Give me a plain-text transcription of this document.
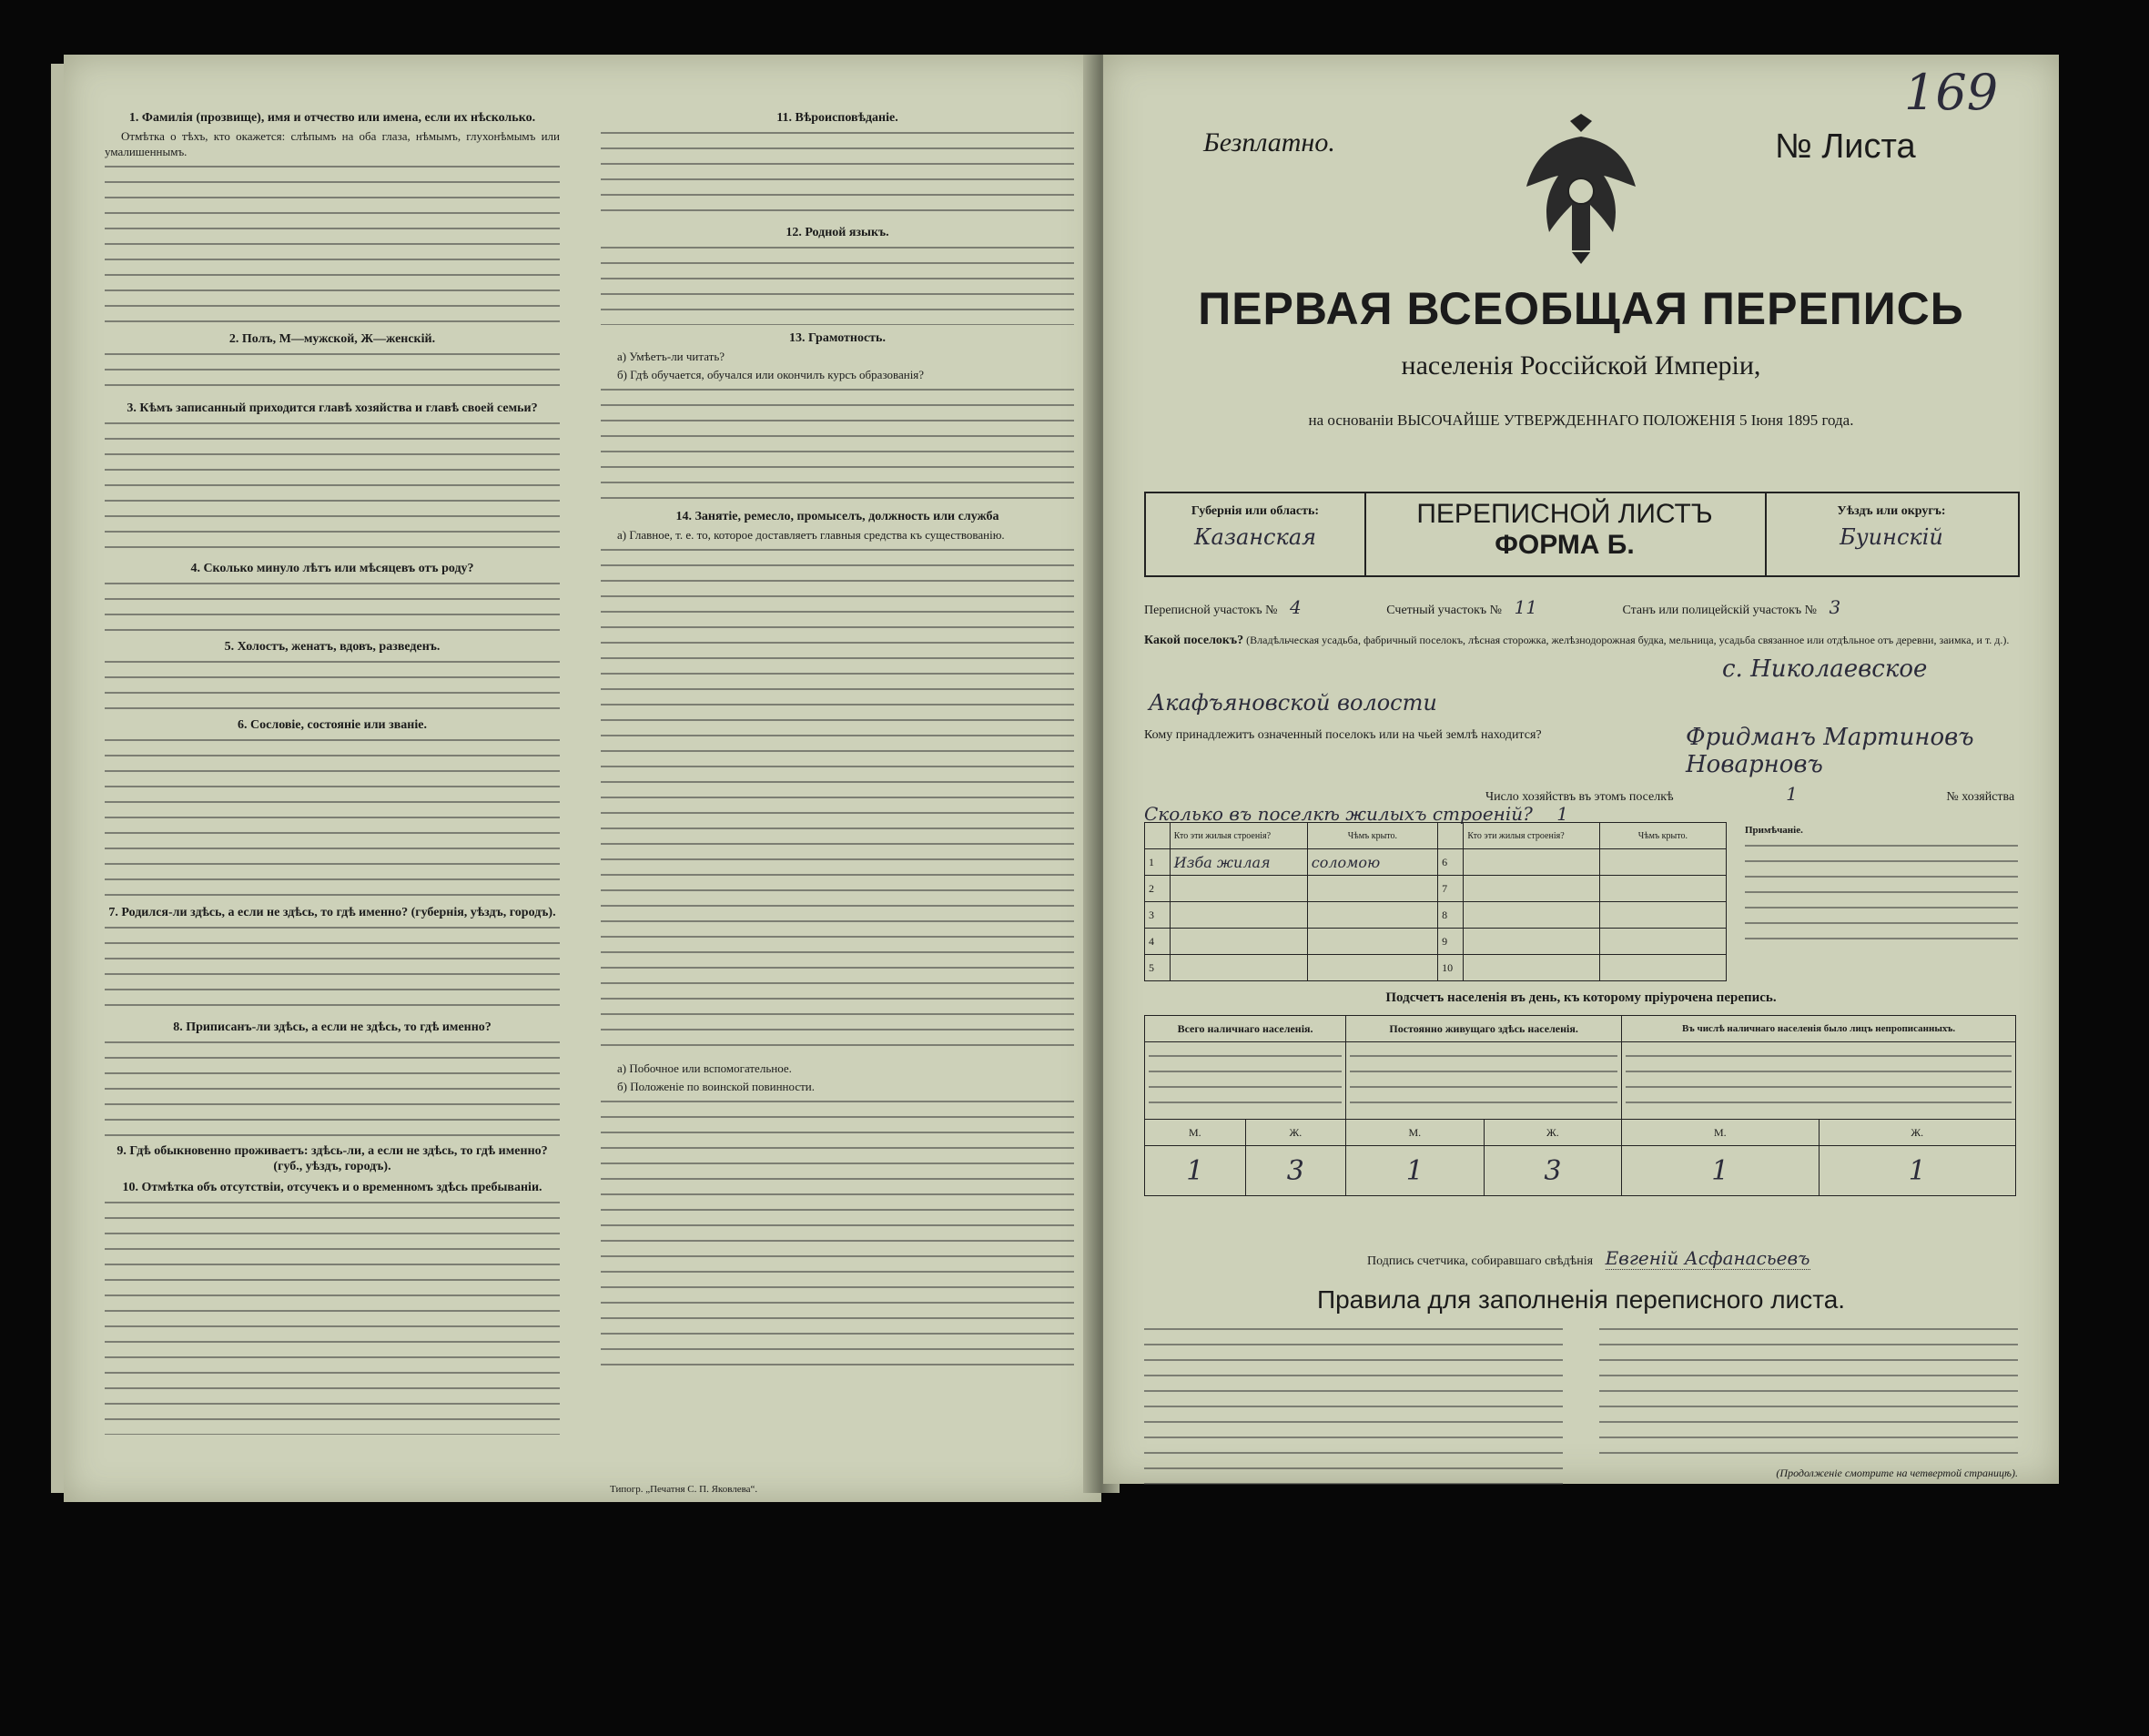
1. Фамилія (прозвище), имя и отчество или имена, если их нѣсколько.

Отмѣтка о тѣхъ, кто окажется: слѣпымъ на оба глаза, нѣмымъ, глухонѣмымъ или умалишеннымъ.

2. Полъ, М—мужской, Ж—женскій.
3. Кѣмъ записанный приходится главѣ хозяйства и главѣ своей семьи?
4. Сколько минуло лѣтъ или мѣсяцевъ отъ роду?
5. Холостъ, женатъ, вдовъ, разведенъ.
6. Сословіе, состояніе или званіе.
7. Родился-ли здѣсь, а если не здѣсь, то гдѣ именно? (губернія, уѣздъ, городъ).
8. Приписанъ-ли здѣсь, а если не здѣсь, то гдѣ именно?
9. Гдѣ обыкновенно проживаетъ: здѣсь-ли, а если не здѣсь, то гдѣ именно? (губ., уѣздъ, городъ).
10. Отмѣтка объ отсутствіи, отсучекъ и о временномъ здѣсь пребываніи.
11. Вѣроисповѣданіе.
12. Родной языкъ.
13. Грамотность.

а) Умѣетъ-ли читать?

б) Гдѣ обучается, обучался или окончилъ курсъ образованія?

14. Занятіе, ремесло, промыселъ, должность или служба

а) Главное, т. е. то, которое доставляетъ главныя средства къ существованію.

а) Побочное или вспомогательное.

б) Положеніе по воинской повинности.

Типогр. „Печатня С. П. Яковлева“.
169
Безплатно.	№ Листа
ПЕРВАЯ ВСЕОБЩАЯ ПЕРЕПИСЬ
населенія Россійской Имперіи,
на основаніи ВЫСОЧАЙШЕ УТВЕРЖДЕННАГО ПОЛОЖЕНІЯ 5 Іюня 1895 года.
Губернія или область:
Казанская
ПЕРЕПИСНОЙ ЛИСТЪ
ФОРМА Б.
Уѣздъ или округъ:
Буинскій
Переписной участокъ № 4	Счетный участокъ № 11	Станъ или полицейскій участокъ № 3
Какой поселокъ? (Владѣльческая усадьба, фабричный поселокъ, лѣсная сторожка, желѣзнодорожная будка, мельница, усадьба связанное или отдѣльное отъ деревни, заимка, и т. д.).
с. Николаевское
Акафъяновской волости
Кому принадлежитъ означенный поселокъ или на чьей землѣ находится?	Фридманъ Мартиновъ Новарновъ
Число хозяйствъ въ этомъ поселкѣ	1	№ хозяйства
Сколько въ поселкѣ жилыхъ строеній? 1
	Кто эти жилыя строенія?	Чѣмъ крыто.		Кто эти жилыя строенія?	Чѣмъ крыто.
1	Изба жилая	соломою	6		
2			7		
3			8		
4			9		
5			10		
Примѣчаніе.
Подсчетъ населенія въ день, къ которому пріурочена перепись.
Всего наличнаго населенія.		Постоянно живущаго здѣсь населенія.		Въ числѣ наличнаго населенія было лицъ непрописанныхъ.	

М.	Ж.	М.	Ж.	М.	Ж.
1	3	1	3	1	1
Подпись счетчика, собиравшаго свѣдѣнія Евгеній Асфанасьевъ
Правила для заполненія переписного листа.

(Продолженіе смотрите на четвертой страницѣ).
